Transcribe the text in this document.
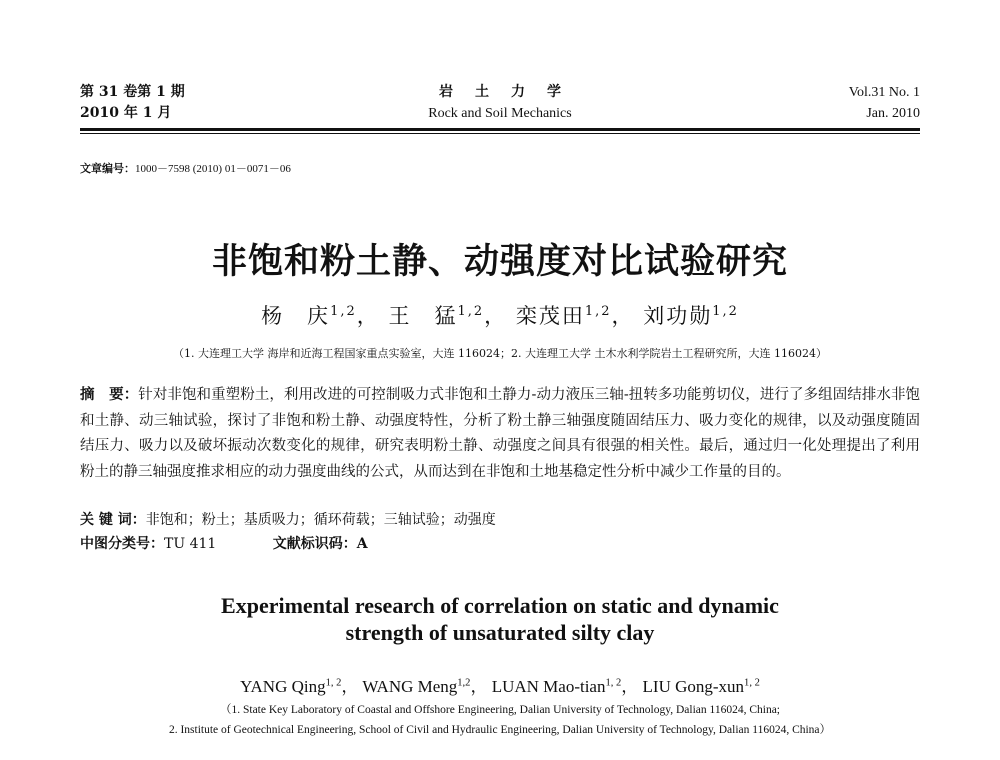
第 31 卷第 1 期
2010 年 1 月
岩土力学
Rock and Soil Mechanics
Vol.31 No. 1
Jan. 2010
文章编号：1000－7598 (2010) 01－0071－06
非饱和粉土静、动强度对比试验研究
杨　庆$^{1,2}$， 王　猛$^{1,2}$， 栾茂田$^{1,2}$， 刘功勋$^{1,2}$
（1. 大连理工大学 海岸和近海工程国家重点实验室，大连 116024；2. 大连理工大学 土木水利学院岩土工程研究所，大连 116024）
摘　要：针对非饱和重塑粉土，利用改进的可控制吸力式非饱和土静力-动力液压三轴-扭转多功能剪切仪，进行了多组固结排水非饱和土静、动三轴试验，探讨了非饱和粉土静、动强度特性，分析了粉土静三轴强度随固结压力、吸力变化的规律，以及动强度随固结压力、吸力以及破坏振动次数变化的规律，研究表明粉土静、动强度之间具有很强的相关性。最后，通过归一化处理提出了利用粉土的静三轴强度推求相应的动力强度曲线的公式，从而达到在非饱和土地基稳定性分析中减少工作量的目的。
关 键 词：非饱和；粉土；基质吸力；循环荷载；三轴试验；动强度
中图分类号：TU 411	文献标识码：A
Experimental research of correlation on static and dynamic
strength of unsaturated silty clay
YANG Qing$^{1, 2}$， WANG Meng$^{1,2}$， LUAN Mao-tian$^{1, 2}$， LIU Gong-xun$^{1, 2}$
（1. State Key Laboratory of Coastal and Offshore Engineering, Dalian University of Technology, Dalian 116024, China;
2. Institute of Geotechnical Engineering, School of Civil and Hydraulic Engineering, Dalian University of Technology, Dalian 116024, China）
